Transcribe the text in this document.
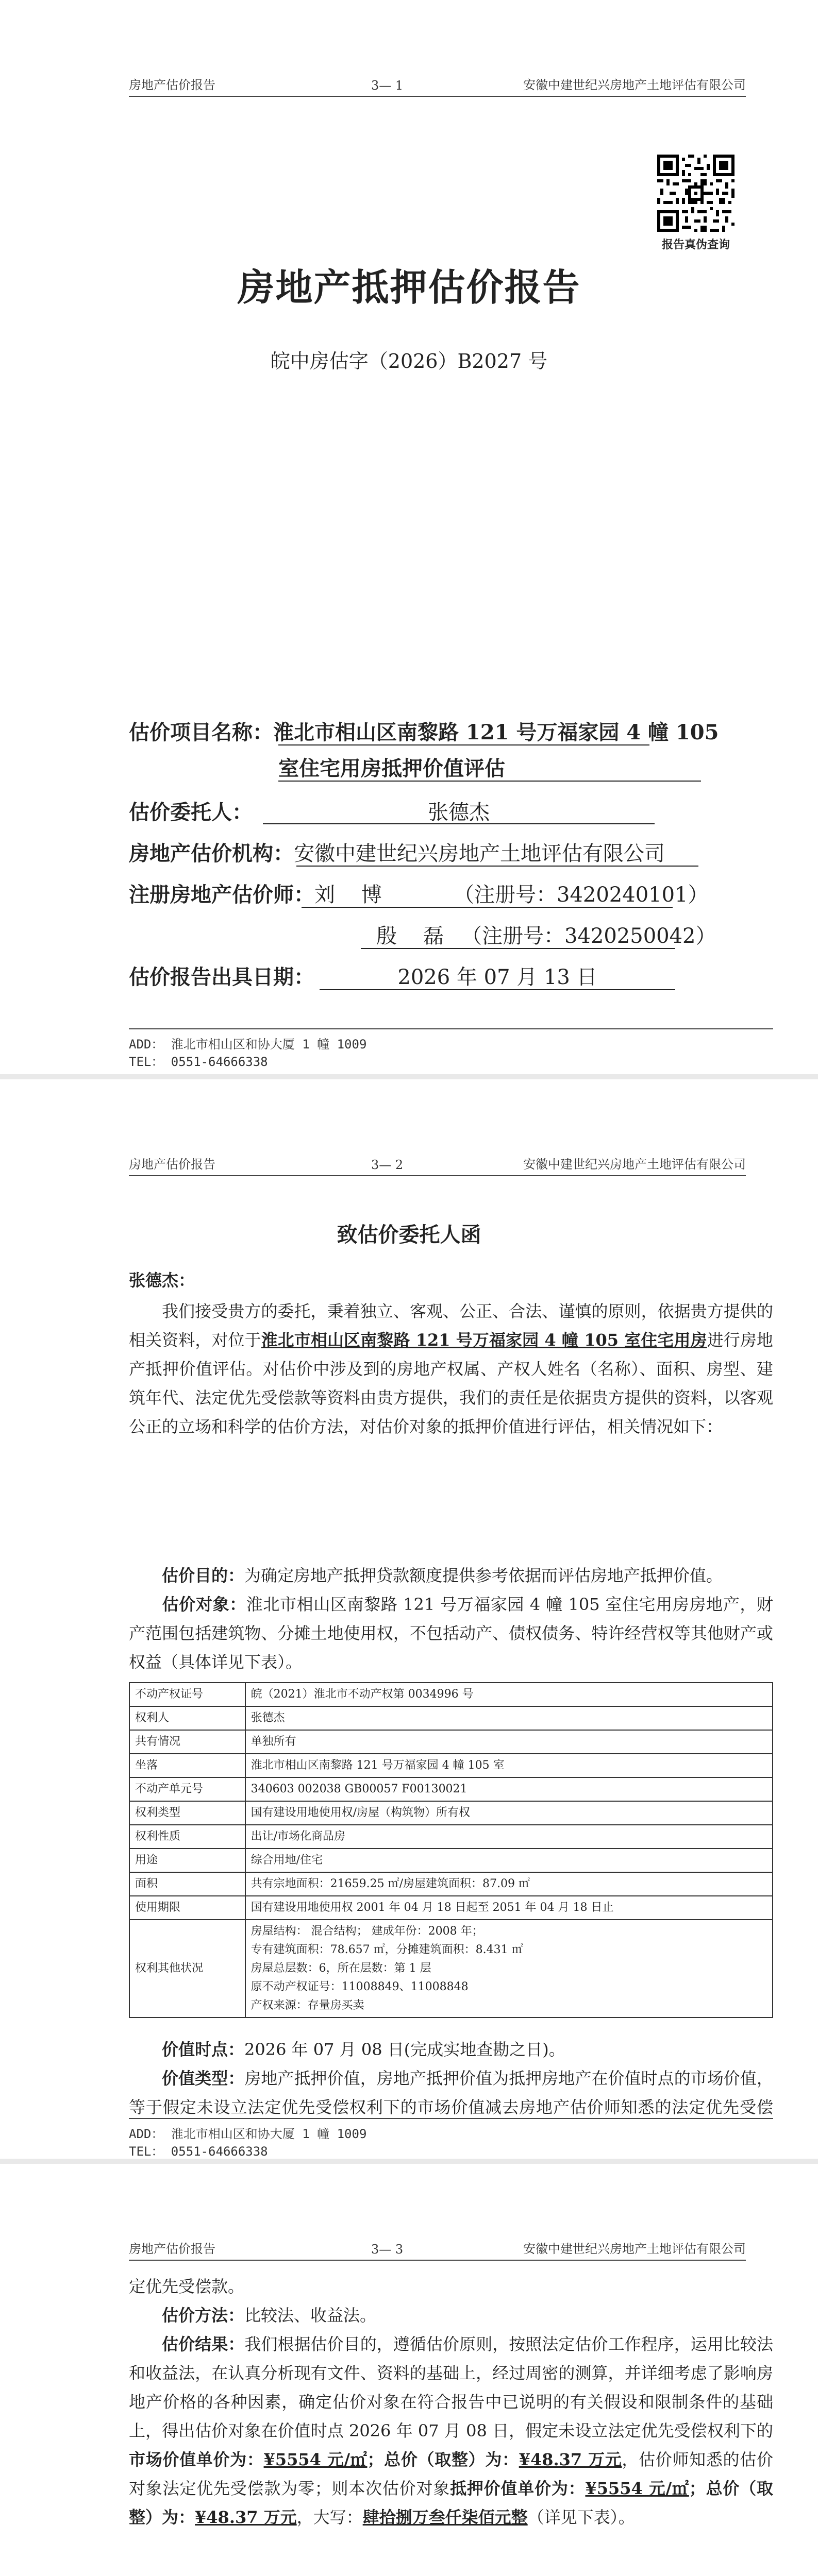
房地产估价报告	3— 1	安徽中建世纪兴房地产土地评估有限公司
报告真伪查询
房地产抵押估价报告
皖中房估字（2026）B2027 号
估价项目名称：淮北市相山区南黎路 121 号万福家园 4 幢 105
室住宅用房抵押价值评估
估价委托人：	张德杰
房地产估价机构：安徽中建世纪兴房地产土地评估有限公司
注册房地产估价师： 刘    博	（注册号：3420240101）
殷    磊 （注册号：3420250042）
估价报告出具日期：	2026 年 07 月 13 日
ADD： 淮北市相山区和协大厦 1 幢 1009
TEL： 0551-64666338
房地产估价报告	3— 2	安徽中建世纪兴房地产土地评估有限公司
致估价委托人函
张德杰：
我们接受贵方的委托，秉着独立、客观、公正、合法、谨慎的原则，依据贵方提供的相关资料，对位于淮北市相山区南黎路 121 号万福家园 4 幢 105 室住宅用房进行房地产抵押价值评估。对估价中涉及到的房地产权属、产权人姓名（名称）、面积、房型、建筑年代、法定优先受偿款等资料由贵方提供，我们的责任是依据贵方提供的资料，以客观公正的立场和科学的估价方法，对估价对象的抵押价值进行评估，相关情况如下：
估价目的：为确定房地产抵押贷款额度提供参考依据而评估房地产抵押价值。
估价对象：淮北市相山区南黎路 121 号万福家园 4 幢 105 室住宅用房房地产，财产范围包括建筑物、分摊土地使用权，不包括动产、债权债务、特许经营权等其他财产或权益（具体详见下表）。
不动产权证号	皖（2021）淮北市不动产权第 0034996 号

权利人	张德杰

共有情况	单独所有

坐落	淮北市相山区南黎路 121 号万福家园 4 幢 105 室

不动产单元号	340603 002038 GB00057 F00130021

权利类型	国有建设用地使用权/房屋（构筑物）所有权

权利性质	出让/市场化商品房

用途	综合用地/住宅

面积	共有宗地面积：21659.25 ㎡/房屋建筑面积：87.09 ㎡

使用期限	国有建设用地使用权 2001 年 04 月 18 日起至 2051 年 04 月 18 日止

权利其他状况	房屋结构： 混合结构； 建成年份：2008 年；
专有建筑面积：78.657 ㎡，分摊建筑面积：8.431 ㎡
房屋总层数：6，所在层数：第 1 层
原不动产权证号：11008849、11008848
产权来源：存量房买卖
价值时点：2026 年 07 月 08 日(完成实地查勘之日)。
价值类型：房地产抵押价值，房地产抵押价值为抵押房地产在价值时点的市场价值，等于假定未设立法定优先受偿权利下的市场价值减去房地产估价师知悉的法定优先受偿
ADD： 淮北市相山区和协大厦 1 幢 1009
TEL： 0551-64666338
房地产估价报告	3— 3	安徽中建世纪兴房地产土地评估有限公司
定优先受偿款。
估价方法：比较法、收益法。
估价结果：我们根据估价目的，遵循估价原则，按照法定估价工作程序，运用比较法和收益法，在认真分析现有文件、资料的基础上，经过周密的测算，并详细考虑了影响房地产价格的各种因素，确定估价对象在符合报告中已说明的有关假设和限制条件的基础上，得出估价对象在价值时点 2026 年 07 月 08 日，假定未设立法定优先受偿权利下的市场价值单价为：¥5554 元/㎡；总价（取整）为：¥48.37 万元，估价师知悉的估价对象法定优先受偿款为零；则本次估价对象抵押价值单价为：¥5554 元/㎡；总价（取整）为：¥48.37 万元，大写：肆拾捌万叁仟柒佰元整（详见下表）。
